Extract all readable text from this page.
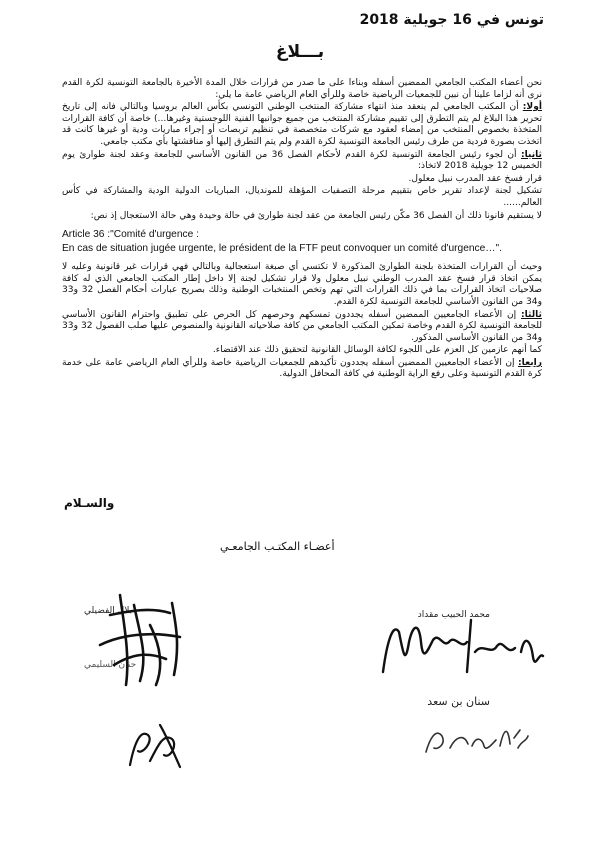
تونس في 16 جويلية 2018
بـــلاغ

نحن أعضاء المكتب الجامعي الممضين أسفله وبناءا على ما صدر من قرارات خلال المدة الأخيرة بالجامعة التونسية لكرة القدم نرى أنه لزاما علينا أن نبين للجمعيات الرياضية خاصة وللرأي العام الرياضي عامة ما يلي:

أولا: أن المكتب الجامعي لم ينعقد منذ انتهاء مشاركة المنتخب الوطني التونسي بكأس العالم بروسيا وبالتالي فانه إلى تاريخ تحرير هذا البلاغ لم يتم التطرق إلى تقييم مشاركة المنتخب من جميع جوانبها الفنية اللوجستية وغيرها...) خاصة أن كافة القرارات المتخذة بخصوص المنتخب من إمضاء لعقود مع شركات متخصصة في تنظيم تربصات أو إجراء مباريات ودية أو غيرها كانت قد اتخذت بصورة فردية من طرف رئيس الجامعة التونسية لكرة القدم ولم يتم التطرق إليها أو مناقشتها بأي مكتب جامعي.

ثانيا: أن لجوء رئيس الجامعة التونسية لكرة القدم لأحكام الفصل 36 من القانون الأساسي للجامعة وعقد لجنة طوارئ يوم الخميس 12 جويلية 2018 لاتخاذ:

قرار فسخ عقد المدرب نبيل معلول.

تشكيل لجنة لإعداد تقرير خاص بتقييم مرحلة التصفيات المؤهلة للمونديال، المباريات الدولية الودية والمشاركة في كأس العالم......

لا يستقيم قانونا ذلك أن الفصل 36 مكّن رئيس الجامعة من عقد لجنة طوارئ في حالة وحيدة وهي حالة الاستعجال إذ نص:

Article 36 :"Comité d'urgence :
En cas de situation jugée urgente, le président de la FTF peut convoquer un comité d'urgence…".

وحيث أن القرارات المتخذة بلجنة الطوارئ المذكورة لا تكتسي أي صبغة استعجالية وبالتالي فهي قرارات غير قانونية وعليه لا يمكن اتخاذ قرار فسخ عقد المدرب الوطني نبيل معلول ولا قرار تشكيل لجنة إلا داخل إطار المكتب الجامعي الذي له كافة صلاحيات اتخاذ القرارات بما في ذلك القرارات التي تهم وتخص المنتخبات الوطنية وذلك بصريح عبارات أحكام الفصل 32 و33 و34 من القانون الأساسي للجامعة التونسية لكرة القدم.

ثالثا: إن الأعضاء الجامعيين الممضين أسفله يجددون تمسكهم وحرصهم كل الحرص على تطبيق واحترام القانون الأساسي للجامعة التونسية لكرة القدم وخاصة تمكين المكتب الجامعي من كافة صلاحياته القانونية والمنصوص عليها صلب الفصول 32 و33 و34 من القانون الأساسي المذكور.

كما أنهم عازمين كل العزم على اللجوء لكافة الوسائل القانونية لتحقيق ذلك عند الاقتضاء.

رابعا: إن الأعضاء الجامعيين الممضين أسفله يجددون تأكيدهم للجمعيات الرياضية خاصة وللرأي العام الرياضي عامة على خدمة كرة القدم التونسية وعلى رفع الراية الوطنية في كافة المحافل الدولية.

والسـلام
أعضـاء المكتـب الجامعـي
محمد الحبيب مقداد
سنان بن سعد
بلال الفضيلي
حنان السليمي
